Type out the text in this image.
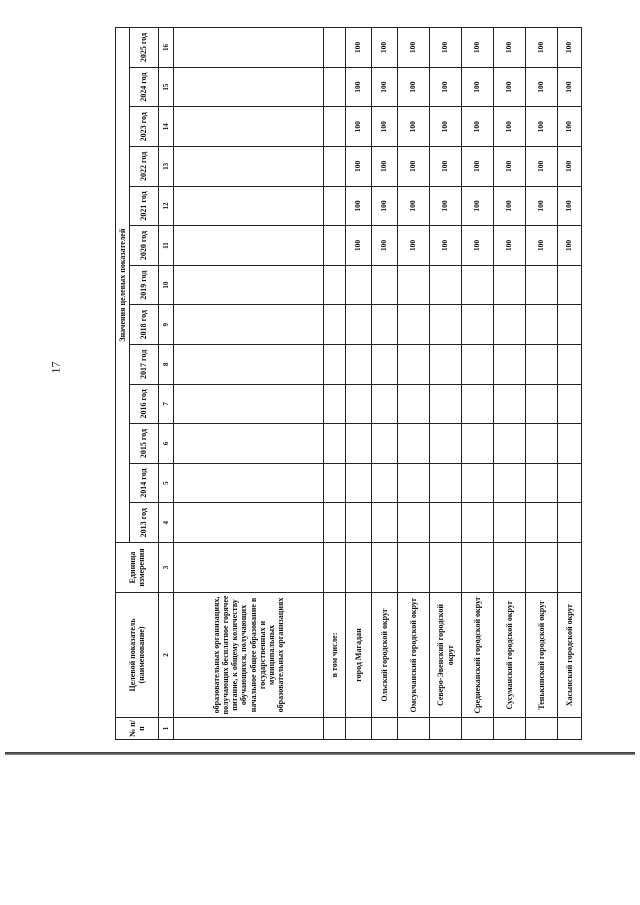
№ п/п	Целевой показатель (наименование)	Единица измерения	Значения целевых показателей												
			2013 год	2014 год	2015 год	2016 год	2017 год	2018 год	2019 год	2020 год	2021 год	2022 год	2023 год	2024 год	2025 год
1	2	3	4	5	6	7	8	9	10	11	12	13	14	15	16
	образовательных организациях, получающих бесплатное горячее питание, к общему количеству обучающихся, получающих начальное общее образование в государственных и муниципальных образовательных организациях														
	в том числе:														
	город Магадан									100	100	100	100	100	100
	Ольский городской округ									100	100	100	100	100	100
	Омсукчанский городской округ									100	100	100	100	100	100
	Северо-Эвенский городской округ									100	100	100	100	100	100
	Среднеканский городской округ									100	100	100	100	100	100
	Сусуманский городской округ									100	100	100	100	100	100
	Тенькинский городской округ									100	100	100	100	100	100
	Хасынский городской округ									100	100	100	100	100	100
17
